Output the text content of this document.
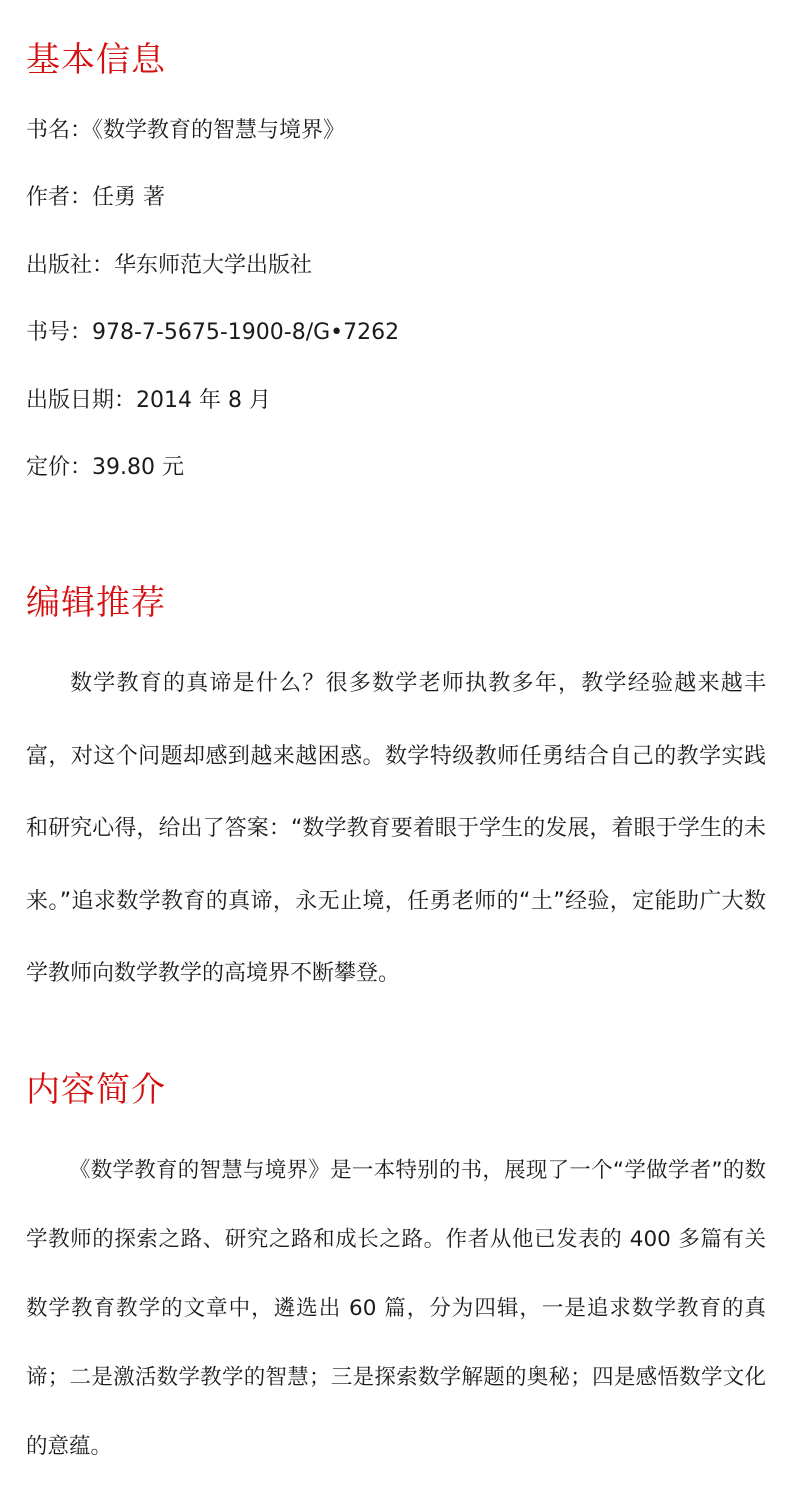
基本信息

书名：《数学教育的智慧与境界》

作者：任勇 著

出版社：华东师范大学出版社

书号：978-7-5675-1900-8/G•7262

出版日期：2014 年 8 月

定价：39.80 元

编辑推荐

数学教育的真谛是什么？很多数学老师执教多年，教学经验越来越丰富，对这个问题却感到越来越困惑。数学特级教师任勇结合自己的教学实践和研究心得，给出了答案：“数学教育要着眼于学生的发展，着眼于学生的未来。”追求数学教育的真谛，永无止境，任勇老师的“土”经验，定能助广大数学教师向数学教学的高境界不断攀登。

内容简介

《数学教育的智慧与境界》是一本特别的书，展现了一个“学做学者”的数学教师的探索之路、研究之路和成长之路。作者从他已发表的 400 多篇有关数学教育教学的文章中，遴选出 60 篇，分为四辑，一是追求数学教育的真谛；二是激活数学教学的智慧；三是探索数学解题的奥秘；四是感悟数学文化的意蕴。
